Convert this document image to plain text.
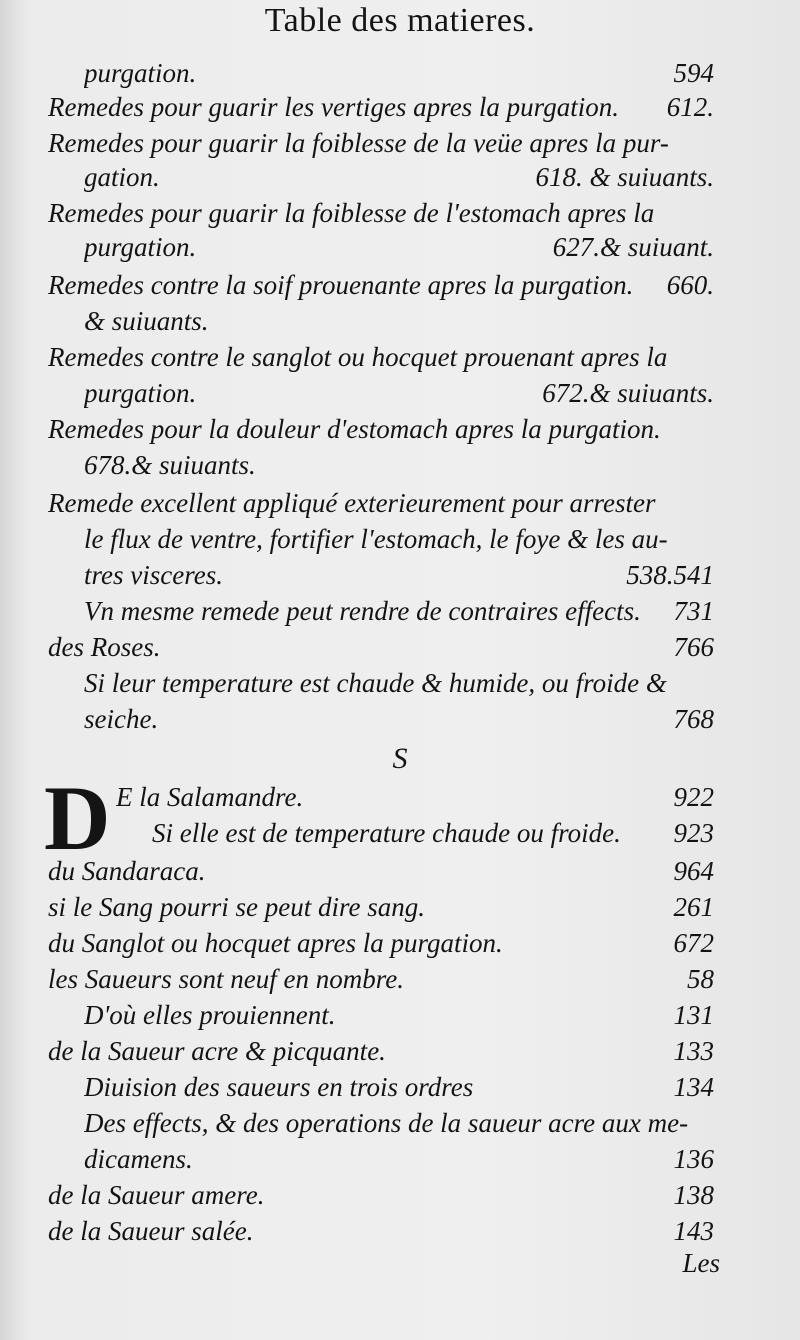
Table des matieres.
purgation.	594
Remedes pour guarir les vertiges apres la purgation.	612.
Remedes pour guarir la foiblesse de la veüe apres la pur-
gation.	618. & suiuants.
Remedes pour guarir la foiblesse de l'estomach apres la
purgation.	627.& suiuant.
Remedes contre la soif prouenante apres la purgation.	660.
& suiuants.
Remedes contre le sanglot ou hocquet prouenant apres la
purgation.	672.& suiuants.
Remedes pour la douleur d'estomach apres la purgation.
678.& suiuants.
Remede excellent appliqué exterieurement pour arrester
le flux de ventre, fortifier l'estomach, le foye & les au-
tres visceres.	538.541
Vn mesme remede peut rendre de contraires effects.	731
des Roses.	766
Si leur temperature est chaude & humide, ou froide &
seiche.	768
S
D E la Salamandre.	922
Si elle est de temperature chaude ou froide.	923
du Sandaraca.	964
si le Sang pourri se peut dire sang.	261
du Sanglot ou hocquet apres la purgation.	672
les Saueurs sont neuf en nombre.	58
D'où elles prouiennent.	131
de la Saueur acre & picquante.	133
Diuision des saueurs en trois ordres	134
Des effects, & des operations de la saueur acre aux me-
dicamens.	136
de la Saueur amere.	138
de la Saueur salée.	143
Les
